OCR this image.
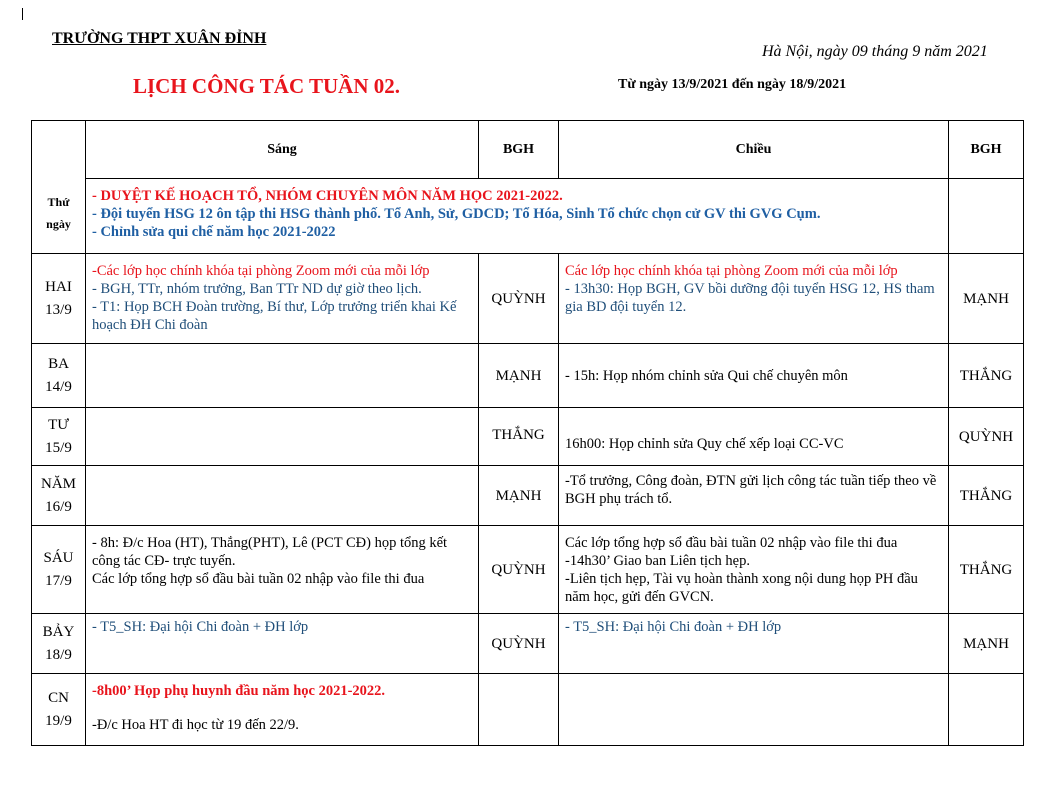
TRƯỜNG THPT XUÂN ĐỈNH
Hà Nội, ngày 09 tháng 9 năm 2021
LỊCH CÔNG TÁC TUẦN 02.	Từ ngày 13/9/2021 đến ngày 18/9/2021
Thứ
ngày	Sáng	BGH	Chiều	BGH

	- DUYỆT KẾ HOẠCH TỔ, NHÓM CHUYÊN MÔN NĂM HỌC 2021-2022.
- Đội tuyển HSG 12 ôn tập thi HSG thành phố. Tổ Anh, Sử, GDCD; Tổ Hóa, Sinh Tổ chức chọn cử GV thi GVG Cụm.
- Chỉnh sửa qui chế năm học 2021-2022			

HAI
13/9	-Các lớp học chính khóa tại phòng Zoom mới của mỗi lớp
- BGH, TTr, nhóm trưởng, Ban TTr ND dự giờ theo lịch.
- T1: Họp BCH Đoàn trường, Bí thư, Lớp trưởng triển khai Kế hoạch ĐH Chi đoàn	QUỲNH	Các lớp học chính khóa tại phòng Zoom mới của mỗi lớp
- 13h30: Họp BGH, GV bồi dưỡng đội tuyển HSG 12, HS tham gia BD đội tuyển 12.	MẠNH

BA
14/9		MẠNH	- 15h: Họp nhóm chỉnh sửa Qui chế chuyên môn	THẮNG

TƯ
15/9		THẮNG	16h00: Họp chỉnh sửa Quy chế xếp loại CC-VC	QUỲNH

NĂM
16/9		MẠNH	-Tổ trưởng, Công đoàn, ĐTN gửi lịch công tác tuần tiếp theo về BGH phụ trách tổ.	THẮNG

SÁU
17/9	- 8h: Đ/c Hoa (HT), Thắng(PHT), Lê (PCT CĐ) họp tổng kết công tác CĐ- trực tuyến.
Các lớp tổng hợp sổ đầu bài tuần 02 nhập vào file thi đua	QUỲNH	Các lớp tổng hợp sổ đầu bài tuần 02 nhập vào file thi đua
-14h30’ Giao ban Liên tịch hẹp.
-Liên tịch hẹp, Tài vụ hoàn thành xong nội dung họp PH đầu năm học, gửi đến GVCN.	THẮNG

BẢY
18/9	- T5_SH: Đại hội Chi đoàn + ĐH lớp	QUỲNH	- T5_SH: Đại hội Chi đoàn + ĐH lớp	MẠNH

CN
19/9	-8h00’ Họp phụ huynh đầu năm học 2021-2022.
-Đ/c Hoa HT đi học từ 19 đến 22/9.			
